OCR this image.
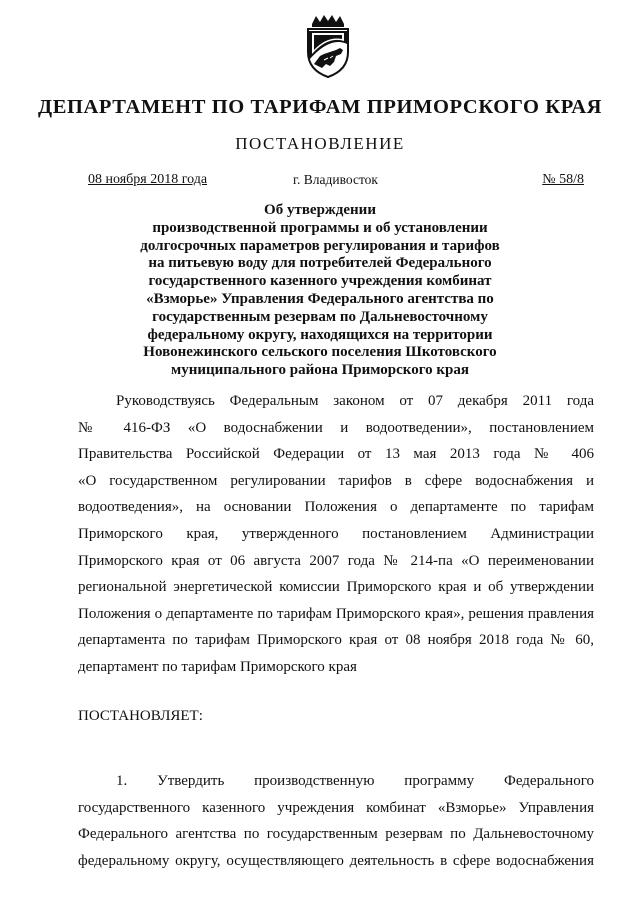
ДЕПАРТАМЕНТ ПО ТАРИФАМ ПРИМОРСКОГО КРАЯ
ПОСТАНОВЛЕНИЕ
08 ноября 2018 года	г. Владивосток	№ 58/8
Об утверждении
производственной программы и об установлении
долгосрочных параметров регулирования и тарифов
на питьевую воду для потребителей Федерального
государственного казенного учреждения комбинат
«Взморье» Управления Федерального агентства по
государственным резервам по Дальневосточному
федеральному округу, находящихся на территории
Новонежинского сельского поселения Шкотовского
муниципального района Приморского края
Руководствуясь Федеральным законом от 07 декабря 2011 года
№ 416-ФЗ «О водоснабжении и водоотведении», постановлением
Правительства Российской Федерации от 13 мая 2013 года № 406
«О государственном регулировании тарифов в сфере водоснабжения и
водоотведения», на основании Положения о департаменте по тарифам
Приморского края, утвержденного постановлением Администрации
Приморского края от 06 августа 2007 года № 214-па «О переименовании
региональной энергетической комиссии Приморского края и об утверждении
Положения о департаменте по тарифам Приморского края», решения правления
департамента по тарифам Приморского края от 08 ноября 2018 года № 60,
департамент по тарифам Приморского края
ПОСТАНОВЛЯЕТ:
1. Утвердить производственную программу Федерального
государственного казенного учреждения комбинат «Взморье» Управления
Федерального агентства по государственным резервам по Дальневосточному
федеральному округу, осуществляющего деятельность в сфере водоснабжения
